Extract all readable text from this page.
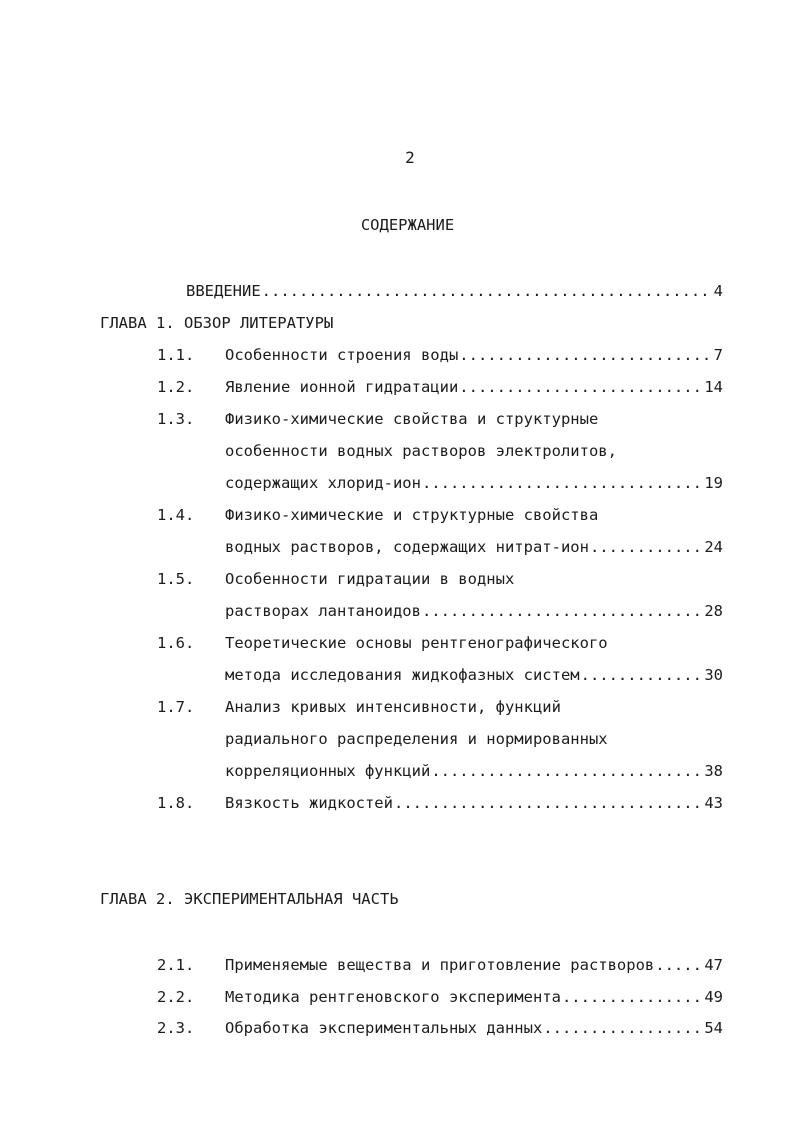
2
СОДЕРЖАНИЕ
ВВЕДЕНИЕ .....	4
ГЛАВА 1. ОБЗОР ЛИТЕРАТУРЫ
1.1. Особенности строения воды .....	7
1.2. Явление ионной гидратации .....	14
1.3. Физико-химические свойства и структурные
особенности водных растворов электролитов,
содержащих хлорид-ион .....	19
1.4. Физико-химические и структурные свойства
водных растворов, содержащих нитрат-ион .....	24
1.5. Особенности гидратации в водных
растворах лантаноидов .....	28
1.6. Теоретические основы рентгенографического
метода исследования жидкофазных систем .....	30
1.7. Анализ кривых интенсивности, функций
радиального распределения и нормированных
корреляционных функций .....	38
1.8. Вязкость жидкостей .....	43
ГЛАВА 2. ЭКСПЕРИМЕНТАЛЬНАЯ ЧАСТЬ
2.1. Применяемые вещества и приготовление растворов .....	47
2.2. Методика рентгеновского эксперимента .....	49
2.3. Обработка экспериментальных данных .....	54
